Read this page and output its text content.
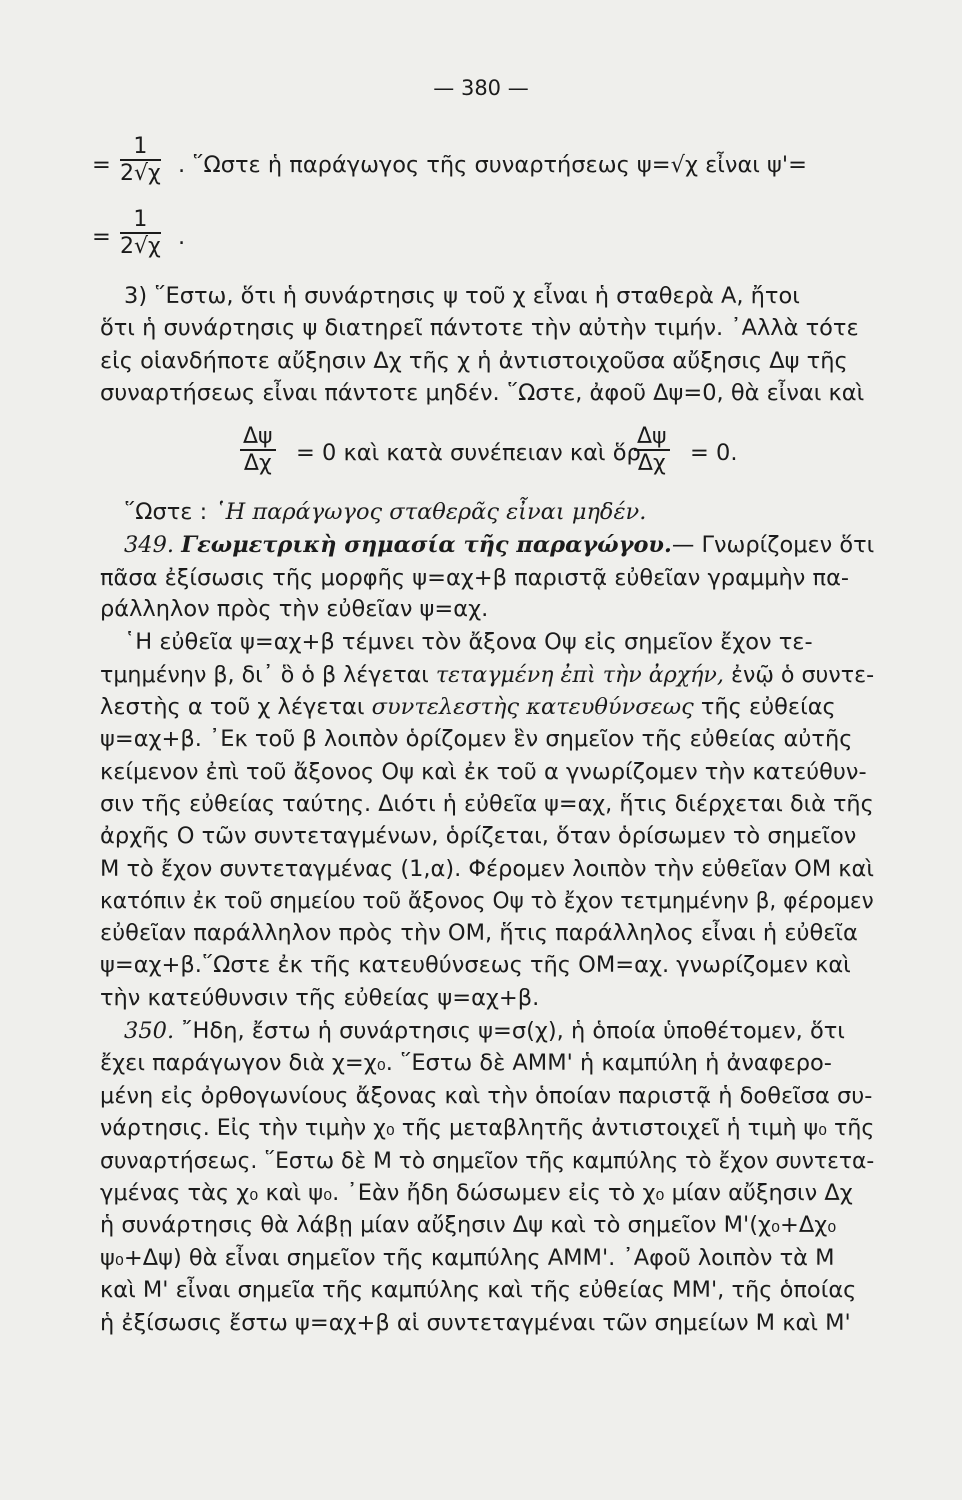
— 380 —
= $\frac{1}{2√\chi}$ . ῞Ωστε ἡ παράγωγος τῆς συναρτήσεως ψ=√χ εἶναι ψ'=
= $\frac{1}{2√\chi}$ .
3) ῞Εστω, ὅτι ἡ συνάρτησις ψ τοῦ χ εἶναι ἡ σταθερὰ Α, ἤτοι
ὅτι ἡ συνάρτησις ψ διατηρεῖ πάντοτε τὴν αὐτὴν τιμήν. ᾿Αλλὰ τότε
εἰς οἱανδήποτε αὔξησιν Δχ τῆς χ ἡ ἀντιστοιχοῦσα αὔξησις Δψ τῆς
συναρτήσεως εἶναι πάντοτε μηδέν. ῞Ωστε, ἀφοῦ Δψ=0, θὰ εἶναι καὶ
$\frac{\Delta\psi}{\Delta\chi} = 0$ καὶ κατὰ συνέπειαν καὶ ὅρ
$\frac{\Delta\psi}{\Delta\chi} = 0$.
῞Ωστε : ῾Η παράγωγος σταθερᾶς εἶναι μηδέν.
349. Γεωμετρικὴ σημασία τῆς παραγώγου.— Γνωρίζομεν ὅτι
πᾶσα ἐξίσωσις τῆς μορφῆς ψ=αχ+β παριστᾷ εὐθεῖαν γραμμὴν πα-
ράλληλον πρὸς τὴν εὐθεῖαν ψ=αχ.
῾Η εὐθεῖα ψ=αχ+β τέμνει τὸν ἄξονα Οψ εἰς σημεῖον ἔχον τε-
τμημένην β, δι᾿ ὃ ὁ β λέγεται τεταγμένη ἐπὶ τὴν ἀρχήν, ἐνῷ ὁ συντε-
λεστὴς α τοῦ χ λέγεται συντελεστὴς κατευθύνσεως τῆς εὐθείας
ψ=αχ+β. ᾿Εκ τοῦ β λοιπὸν ὁρίζομεν ἓν σημεῖον τῆς εὐθείας αὐτῆς
κείμενον ἐπὶ τοῦ ἄξονος Οψ καὶ ἐκ τοῦ α γνωρίζομεν τὴν κατεύθυν-
σιν τῆς εὐθείας ταύτης. Διότι ἡ εὐθεῖα ψ=αχ, ἥτις διέρχεται διὰ τῆς
ἀρχῆς Ο τῶν συντεταγμένων, ὁρίζεται, ὅταν ὁρίσωμεν τὸ σημεῖον
Μ τὸ ἔχον συντεταγμένας (1,α). Φέρομεν λοιπὸν τὴν εὐθεῖαν ΟΜ καὶ
κατόπιν ἐκ τοῦ σημείου τοῦ ἄξονος Οψ τὸ ἔχον τετμημένην β, φέρομεν
εὐθεῖαν παράλληλον πρὸς τὴν ΟΜ, ἥτις παράλληλος εἶναι ἡ εὐθεῖα
ψ=αχ+β.῞Ωστε ἐκ τῆς κατευθύνσεως τῆς ΟΜ=αχ. γνωρίζομεν καὶ
τὴν κατεύθυνσιν τῆς εὐθείας ψ=αχ+β.
350. ῎Ηδη, ἔστω ἡ συνάρτησις ψ=σ(χ), ἡ ὁποία ὑποθέτομεν, ὅτι
ἔχει παράγωγον διὰ χ=χ₀. ῞Εστω δὲ ΑΜΜ' ἡ καμπύλη ἡ ἀναφερο-
μένη εἰς ὀρθογωνίους ἄξονας καὶ τὴν ὁποίαν παριστᾷ ἡ δοθεῖσα συ-
νάρτησις. Εἰς τὴν τιμὴν χ₀ τῆς μεταβλητῆς ἀντιστοιχεῖ ἡ τιμὴ ψ₀ τῆς
συναρτήσεως. ῞Εστω δὲ Μ τὸ σημεῖον τῆς καμπύλης τὸ ἔχον συντετα-
γμένας τὰς χ₀ καὶ ψ₀. ᾿Εὰν ἤδη δώσωμεν εἰς τὸ χ₀ μίαν αὔξησιν Δχ
ἡ συνάρτησις θὰ λάβῃ μίαν αὔξησιν Δψ καὶ τὸ σημεῖον Μ'(χ₀+Δχ₀
ψ₀+Δψ) θὰ εἶναι σημεῖον τῆς καμπύλης ΑΜΜ'. ᾿Αφοῦ λοιπὸν τὰ Μ
καὶ Μ' εἶναι σημεῖα τῆς καμπύλης καὶ τῆς εὐθείας ΜΜ', τῆς ὁποίας
ἡ ἐξίσωσις ἔστω ψ=αχ+β αἱ συντεταγμέναι τῶν σημείων Μ καὶ Μ'
